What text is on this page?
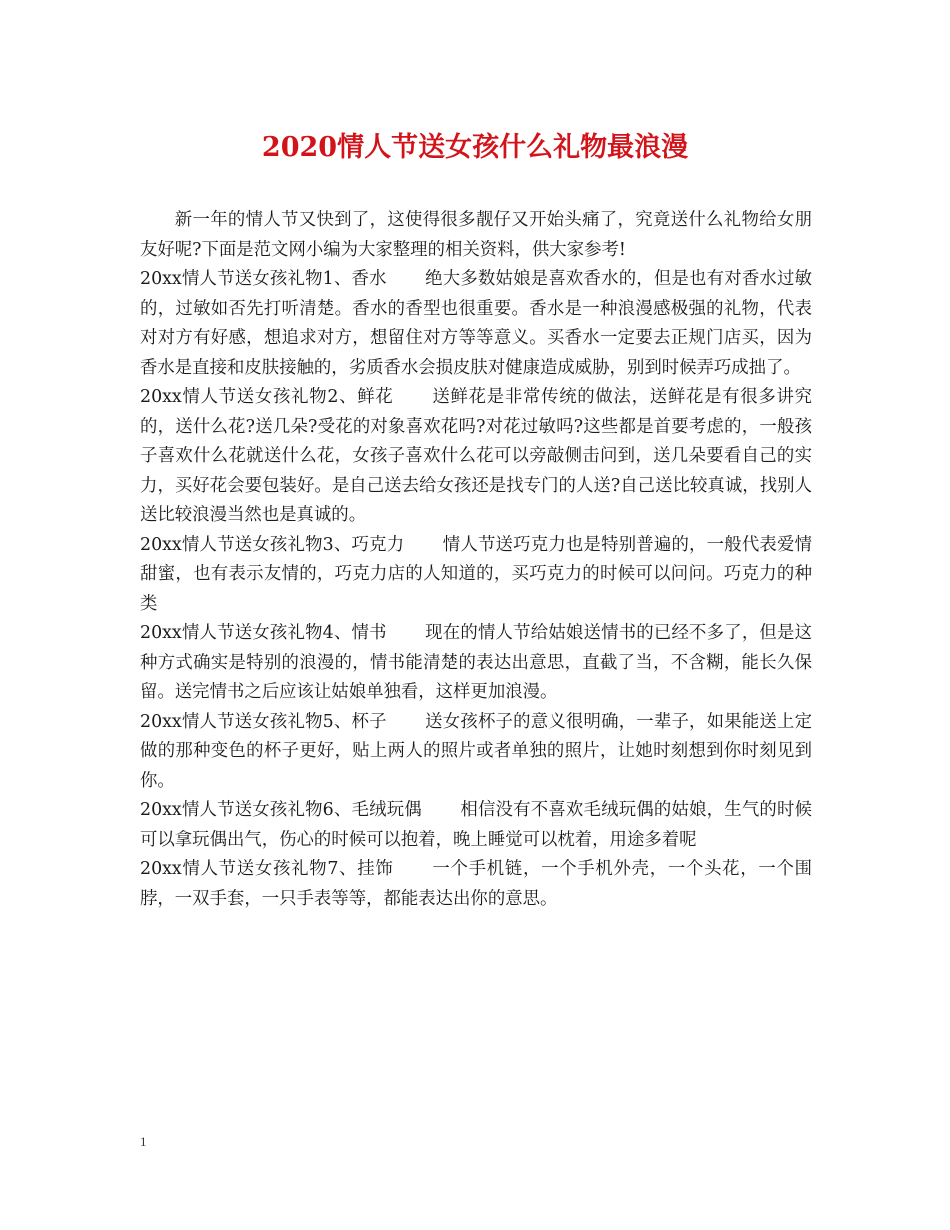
2020情人节送女孩什么礼物最浪漫

新一年的情人节又快到了，这使得很多靓仔又开始头痛了，究竟送什么礼物给女朋友好呢?下面是范文网小编为大家整理的相关资料，供大家参考!

20xx情人节送女孩礼物1、香水 绝大多数姑娘是喜欢香水的，但是也有对香水过敏的，过敏如否先打听清楚。香水的香型也很重要。香水是一种浪漫感极强的礼物，代表对对方有好感，想追求对方，想留住对方等等意义。买香水一定要去正规门店买，因为香水是直接和皮肤接触的，劣质香水会损皮肤对健康造成威胁，别到时候弄巧成拙了。

20xx情人节送女孩礼物2、鲜花 送鲜花是非常传统的做法，送鲜花是有很多讲究的，送什么花?送几朵?受花的对象喜欢花吗?对花过敏吗?这些都是首要考虑的，一般孩子喜欢什么花就送什么花，女孩子喜欢什么花可以旁敲侧击问到，送几朵要看自己的实力，买好花会要包装好。是自己送去给女孩还是找专门的人送?自己送比较真诚，找别人送比较浪漫当然也是真诚的。

20xx情人节送女孩礼物3、巧克力 情人节送巧克力也是特别普遍的，一般代表爱情甜蜜，也有表示友情的，巧克力店的人知道的，买巧克力的时候可以问问。巧克力的种类

20xx情人节送女孩礼物4、情书 现在的情人节给姑娘送情书的已经不多了，但是这种方式确实是特别的浪漫的，情书能清楚的表达出意思，直截了当，不含糊，能长久保留。送完情书之后应该让姑娘单独看，这样更加浪漫。

20xx情人节送女孩礼物5、杯子 送女孩杯子的意义很明确，一辈子，如果能送上定做的那种变色的杯子更好，贴上两人的照片或者单独的照片，让她时刻想到你时刻见到你。

20xx情人节送女孩礼物6、毛绒玩偶 相信没有不喜欢毛绒玩偶的姑娘，生气的时候可以拿玩偶出气，伤心的时候可以抱着，晚上睡觉可以枕着，用途多着呢

20xx情人节送女孩礼物7、挂饰 一个手机链，一个手机外壳，一个头花，一个围脖，一双手套，一只手表等等，都能表达出你的意思。

1
